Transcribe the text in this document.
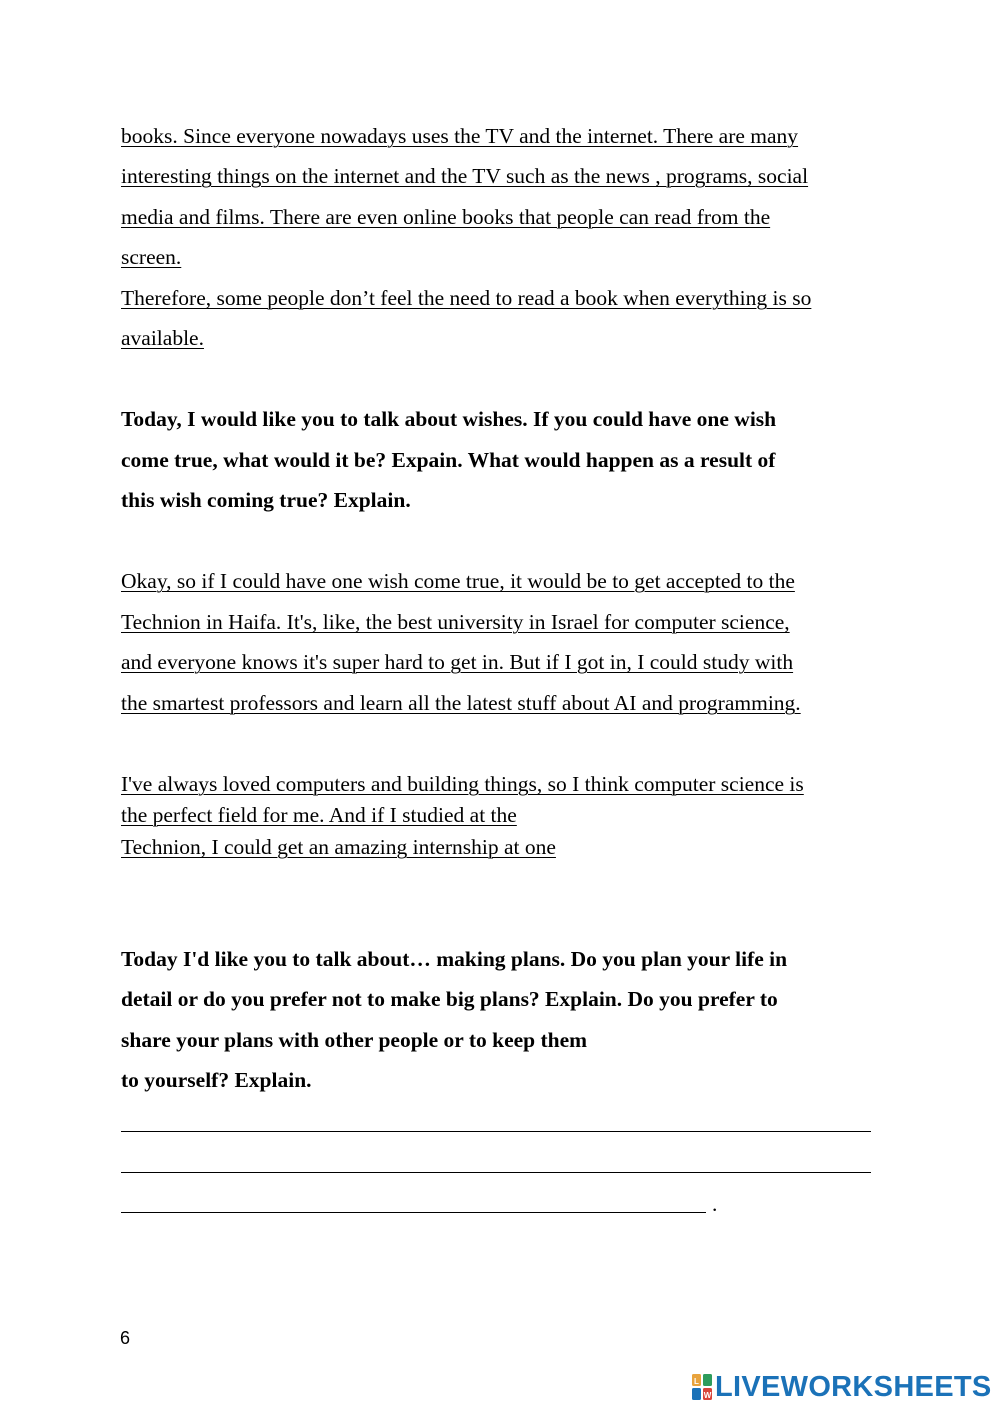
books. Since everyone nowadays uses the TV and the internet. There are many

interesting things on the internet and the TV such as the news , programs, social

media and films. There are even online books that people can read from the

screen.

Therefore, some people don’t feel the need to read a book when everything is so

available.

Today, I would like you to talk about wishes. If you could have one wish

come true, what would it be? Expain. What would happen as a result of

this wish coming true? Explain.

Okay, so if I could have one wish come true, it would be to get accepted to the

Technion in Haifa. It's, like, the best university in Israel for computer science,

and everyone knows it's super hard to get in. But if I got in, I could study with

the smartest professors and learn all the latest stuff about AI and programming.

I've always loved computers and building things, so I think computer science is

the perfect field for me. And if I studied at the

Technion, I could get an amazing internship at one

Today I'd like you to talk about… making plans. Do you plan your life in

detail or do you prefer not to make big plans? Explain. Do you prefer to

share your plans with other people or to keep them

to yourself? Explain.

.
6
L
W LIVEWORKSHEETS
